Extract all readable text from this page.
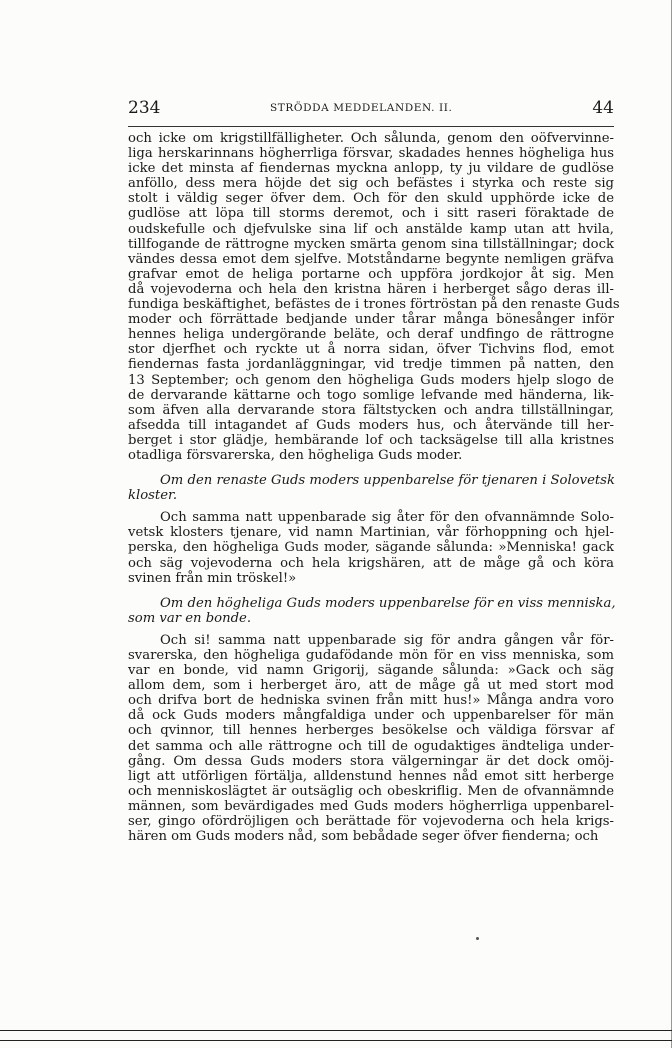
234	STRÖDDA MEDDELANDEN. II.	44
och icke om krigstillfälligheter. Och sålunda, genom den oöfvervinne-
liga herskarinnans högherrliga försvar, skadades hennes högheliga hus
icke det minsta af fiendernas myckna anlopp, ty ju vildare de gudlöse
anföllo, dess mera höjde det sig och befästes i styrka och reste sig
stolt i väldig seger öfver dem. Och för den skuld upphörde icke de
gudlöse att löpa till storms deremot, och i sitt raseri föraktade de
oudskefulle och djefvulske sina lif och anstälde kamp utan att hvila,
tillfogande de rättrogne mycken smärta genom sina tillställningar; dock
vändes dessa emot dem sjelfve. Motståndarne begynte nemligen gräfva
grafvar emot de heliga portarne och uppföra jordkojor åt sig. Men
då vojevoderna och hela den kristna hären i herberget sågo deras ill-
fundiga beskäftighet, befästes de i trones förtröstan på den renaste Guds
moder och förrättade bedjande under tårar många bönesånger inför
hennes heliga undergörande beläte, och deraf undfingo de rättrogne
stor djerfhet och ryckte ut å norra sidan, öfver Tichvins flod, emot
fiendernas fasta jordanläggningar, vid tredje timmen på natten, den
13 September; och genom den högheliga Guds moders hjelp slogo de
de dervarande kättarne och togo somlige lefvande med händerna, lik-
som äfven alla dervarande stora fältstycken och andra tillställningar,
afsedda till intagandet af Guds moders hus, och återvände till her-
berget i stor glädje, hembärande lof och tacksägelse till alla kristnes
otadliga försvarerska, den högheliga Guds moder.
Om den renaste Guds moders uppenbarelse för tjenaren i Solovetsk
kloster.
Och samma natt uppenbarade sig åter för den ofvannämnde Solo-
vetsk klosters tjenare, vid namn Martinian, vår förhoppning och hjel-
perska, den högheliga Guds moder, sägande sålunda: »Menniska! gack
och säg vojevoderna och hela krigshären, att de måge gå och köra
svinen från min tröskel!»
Om den högheliga Guds moders uppenbarelse för en viss menniska,
som var en bonde.
Och si! samma natt uppenbarade sig för andra gången vår för-
svarerska, den högheliga gudafödande mön för en viss menniska, som
var en bonde, vid namn Grigorij, sägande sålunda: »Gack och säg
allom dem, som i herberget äro, att de måge gå ut med stort mod
och drifva bort de hedniska svinen från mitt hus!» Många andra voro
då ock Guds moders mångfaldiga under och uppenbarelser för män
och qvinnor, till hennes herberges besökelse och väldiga försvar af
det samma och alle rättrogne och till de ogudaktiges ändteliga under-
gång. Om dessa Guds moders stora välgerningar är det dock omöj-
ligt att utförligen förtälja, alldenstund hennes nåd emot sitt herberge
och menniskoslägtet är outsäglig och obeskriflig. Men de ofvannämnde
männen, som bevärdigades med Guds moders högherrliga uppenbarel-
ser, gingo ofördröjligen och berättade för vojevoderna och hela krigs-
hären om Guds moders nåd, som bebådade seger öfver fienderna; och
